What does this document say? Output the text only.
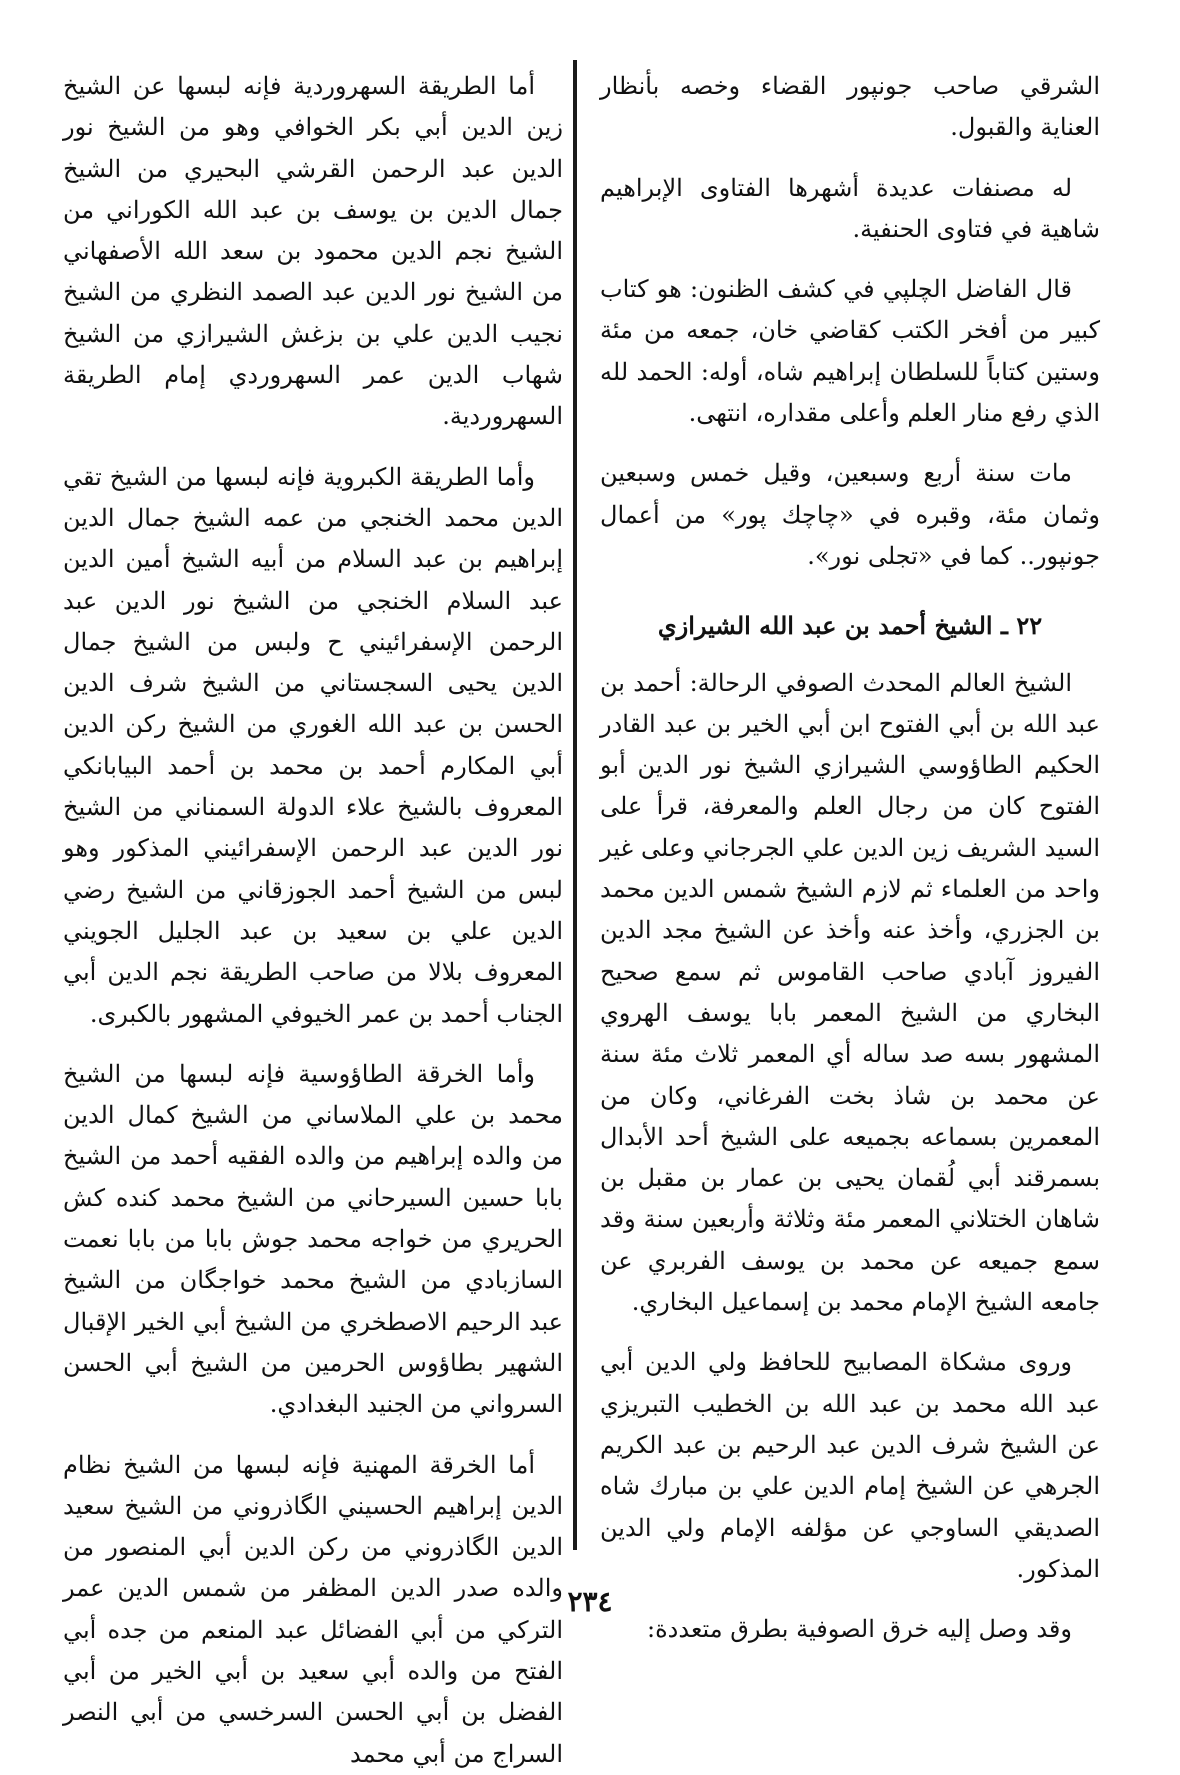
الشرقي صاحب جونپور القضاء وخصه بأنظار العناية والقبول.

له مصنفات عديدة أشهرها الفتاوى الإبراهيم شاهية في فتاوى الحنفية.

قال الفاضل الچلپي في كشف الظنون: هو كتاب كبير من أفخر الكتب كقاضي خان، جمعه من مئة وستين كتاباً للسلطان إبراهيم شاه، أوله: الحمد لله الذي رفع منار العلم وأعلى مقداره، انتهى.

مات سنة أربع وسبعين، وقيل خمس وسبعين وثمان مئة، وقبره في «چاچك پور» من أعمال جونپور.. كما في «تجلى نور».

٢٢ ـ الشيخ أحمد بن عبد الله الشيرازي

الشيخ العالم المحدث الصوفي الرحالة: أحمد بن عبد الله بن أبي الفتوح ابن أبي الخير بن عبد القادر الحكيم الطاؤوسي الشيرازي الشيخ نور الدين أبو الفتوح كان من رجال العلم والمعرفة، قرأ على السيد الشريف زين الدين علي الجرجاني وعلى غير واحد من العلماء ثم لازم الشيخ شمس الدين محمد بن الجزري، وأخذ عنه وأخذ عن الشيخ مجد الدين الفيروز آبادي صاحب القاموس ثم سمع صحيح البخاري من الشيخ المعمر بابا يوسف الهروي المشهور بسه صد ساله أي المعمر ثلاث مئة سنة عن محمد بن شاذ بخت الفرغاني، وكان من المعمرين بسماعه بجميعه على الشيخ أحد الأبدال بسمرقند أبي لُقمان يحيى بن عمار بن مقبل بن شاهان الختلاني المعمر مئة وثلاثة وأربعين سنة وقد سمع جميعه عن محمد بن يوسف الفربري عن جامعه الشيخ الإمام محمد بن إسماعيل البخاري.

وروى مشكاة المصابيح للحافظ ولي الدين أبي عبد الله محمد بن عبد الله بن الخطيب التبريزي عن الشيخ شرف الدين عبد الرحيم بن عبد الكريم الجرهي عن الشيخ إمام الدين علي بن مبارك شاه الصديقي الساوجي عن مؤلفه الإمام ولي الدين المذكور.

وقد وصل إليه خرق الصوفية بطرق متعددة:

أما الطريقة السهروردية فإنه لبسها عن الشيخ زين الدين أبي بكر الخوافي وهو من الشيخ نور الدين عبد الرحمن القرشي البحيري من الشيخ جمال الدين بن يوسف بن عبد الله الكوراني من الشيخ نجم الدين محمود بن سعد الله الأصفهاني من الشيخ نور الدين عبد الصمد النظري من الشيخ نجيب الدين علي بن بزغش الشيرازي من الشيخ شهاب الدين عمر السهروردي إمام الطريقة السهروردية.

وأما الطريقة الكبروية فإنه لبسها من الشيخ تقي الدين محمد الخنجي من عمه الشيخ جمال الدين إبراهيم بن عبد السلام من أبيه الشيخ أمين الدين عبد السلام الخنجي من الشيخ نور الدين عبد الرحمن الإسفرائيني ح ولبس من الشيخ جمال الدين يحيى السجستاني من الشيخ شرف الدين الحسن بن عبد الله الغوري من الشيخ ركن الدين أبي المكارم أحمد بن محمد بن أحمد البيابانكي المعروف بالشيخ علاء الدولة السمناني من الشيخ نور الدين عبد الرحمن الإسفرائيني المذكور وهو لبس من الشيخ أحمد الجوزقاني من الشيخ رضي الدين علي بن سعيد بن عبد الجليل الجويني المعروف بلالا من صاحب الطريقة نجم الدين أبي الجناب أحمد بن عمر الخيوفي المشهور بالكبرى.

وأما الخرقة الطاؤوسية فإنه لبسها من الشيخ محمد بن علي الملاساني من الشيخ كمال الدين من والده إبراهيم من والده الفقيه أحمد من الشيخ بابا حسين السيرحاني من الشيخ محمد كنده كش الحريري من خواجه محمد جوش بابا من بابا نعمت السازبادي من الشيخ محمد خواجگان من الشيخ عبد الرحيم الاصطخري من الشيخ أبي الخير الإقبال الشهير بطاؤوس الحرمين من الشيخ أبي الحسن السرواني من الجنيد البغدادي.

أما الخرقة المهنية فإنه لبسها من الشيخ نظام الدين إبراهيم الحسيني الگاذروني من الشيخ سعيد الدين الگاذروني من ركن الدين أبي المنصور من والده صدر الدين المظفر من شمس الدين عمر التركي من أبي الفضائل عبد المنعم من جده أبي الفتح من والده أبي سعيد بن أبي الخير من أبي الفضل بن أبي الحسن السرخسي من أبي النصر السراج من أبي محمد

٢٣٤
